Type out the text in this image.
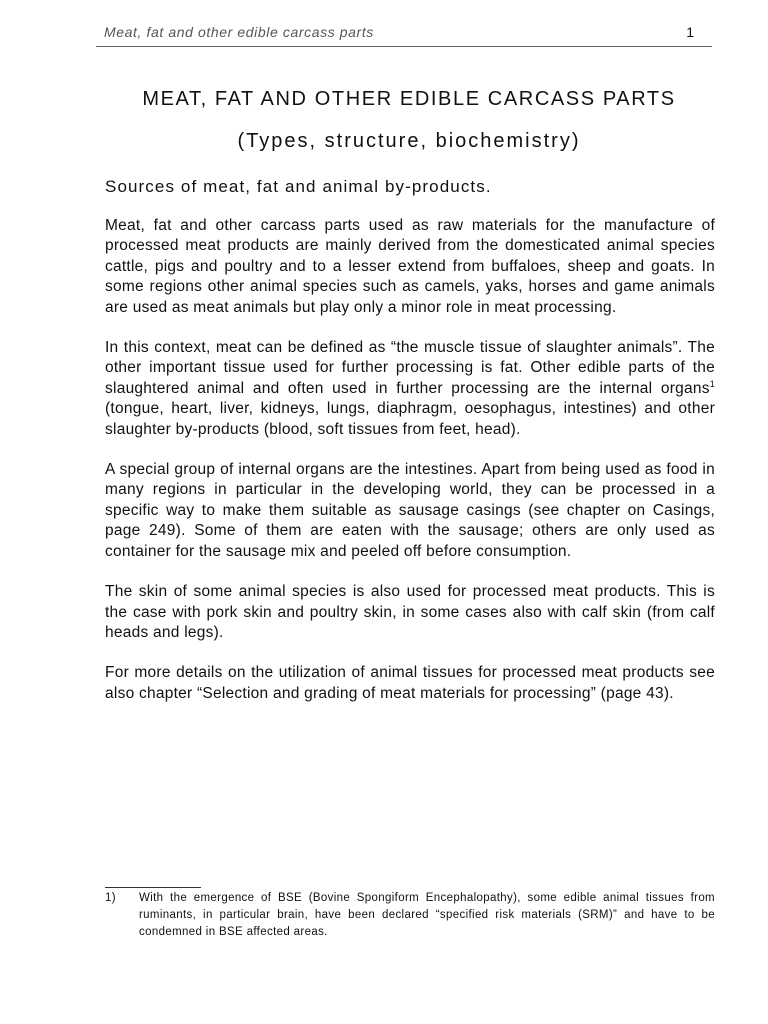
Meat, fat and other edible carcass parts	1
MEAT, FAT AND OTHER EDIBLE CARCASS PARTS
(Types, structure, biochemistry)
Sources of meat, fat and animal by-products.

Meat, fat and other carcass parts used as raw materials for the manufacture of processed meat products are mainly derived from the domesticated animal species cattle, pigs and poultry and to a lesser extend from buffaloes, sheep and goats. In some regions other animal species such as camels, yaks, horses and game animals are used as meat animals but play only a minor role in meat processing.

In this context, meat can be defined as “the muscle tissue of slaughter animals”. The other important tissue used for further processing is fat. Other edible parts of the slaughtered animal and often used in further processing are the internal organs$^1$ (tongue, heart, liver, kidneys, lungs, diaphragm, oesophagus, intestines) and other slaughter by-products (blood, soft tissues from feet, head).

A special group of internal organs are the intestines. Apart from being used as food in many regions in particular in the developing world, they can be processed in a specific way to make them suitable as sausage casings (see chapter on Casings, page 249). Some of them are eaten with the sausage; others are only used as container for the sausage mix and peeled off before consumption.

The skin of some animal species is also used for processed meat products. This is the case with pork skin and poultry skin, in some cases also with calf skin (from calf heads and legs).

For more details on the utilization of animal tissues for processed meat products see also chapter “Selection and grading of meat materials for processing” (page 43).

1)	With the emergence of BSE (Bovine Spongiform Encephalopathy), some edible animal tissues from ruminants, in particular brain, have been declared “specified risk materials (SRM)” and have to be condemned in BSE affected areas.
